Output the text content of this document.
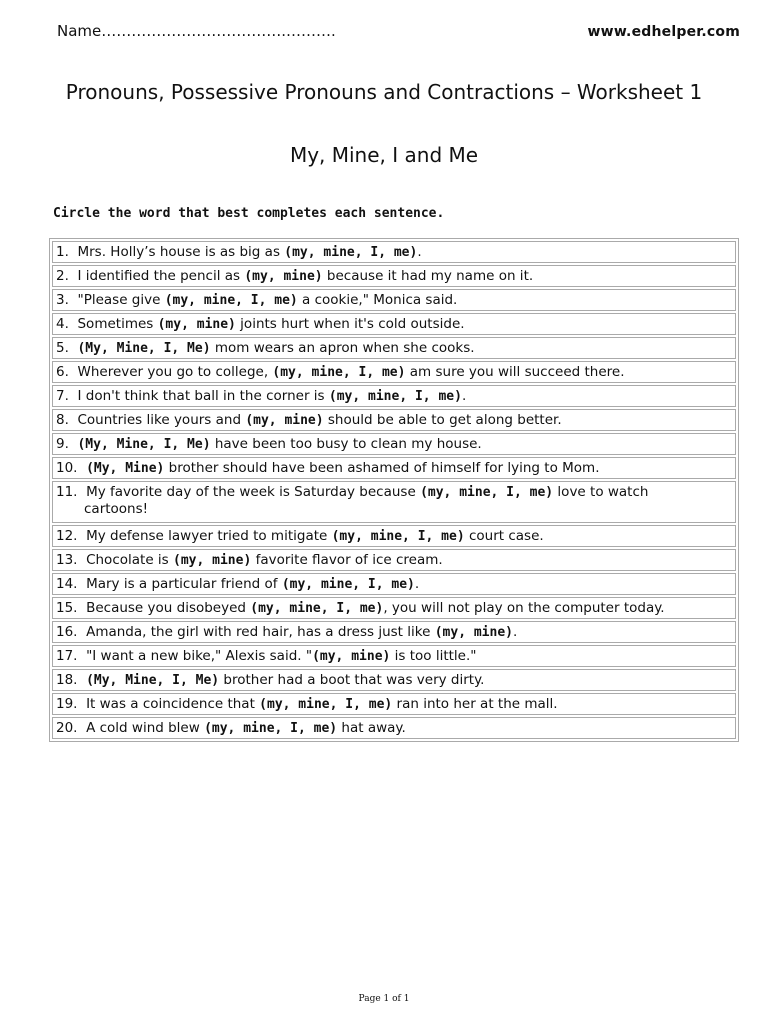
Name……………………………….……….	www.edhelper.com
Pronouns, Possessive Pronouns and Contractions – Worksheet 1
My, Mine, I and Me
Circle the word that best completes each sentence.
1. Mrs. Holly’s house is as big as (my, mine, I, me).
2. I identified the pencil as (my, mine) because it had my name on it.
3. "Please give (my, mine, I, me) a cookie," Monica said.
4. Sometimes (my, mine) joints hurt when it's cold outside.
5. (My, Mine, I, Me) mom wears an apron when she cooks.
6. Wherever you go to college, (my, mine, I, me) am sure you will succeed there.
7. I don't think that ball in the corner is (my, mine, I, me).
8. Countries like yours and (my, mine) should be able to get along better.
9. (My, Mine, I, Me) have been too busy to clean my house.
10. (My, Mine) brother should have been ashamed of himself for lying to Mom.
11. My favorite day of the week is Saturday because (my, mine, I, me) love to watch
cartoons!
12. My defense lawyer tried to mitigate (my, mine, I, me) court case.
13. Chocolate is (my, mine) favorite flavor of ice cream.
14. Mary is a particular friend of (my, mine, I, me).
15. Because you disobeyed (my, mine, I, me), you will not play on the computer today.
16. Amanda, the girl with red hair, has a dress just like (my, mine).
17. "I want a new bike," Alexis said. "(my, mine) is too little."
18. (My, Mine, I, Me) brother had a boot that was very dirty.
19. It was a coincidence that (my, mine, I, me) ran into her at the mall.
20. A cold wind blew (my, mine, I, me) hat away.
Page 1 of 1
